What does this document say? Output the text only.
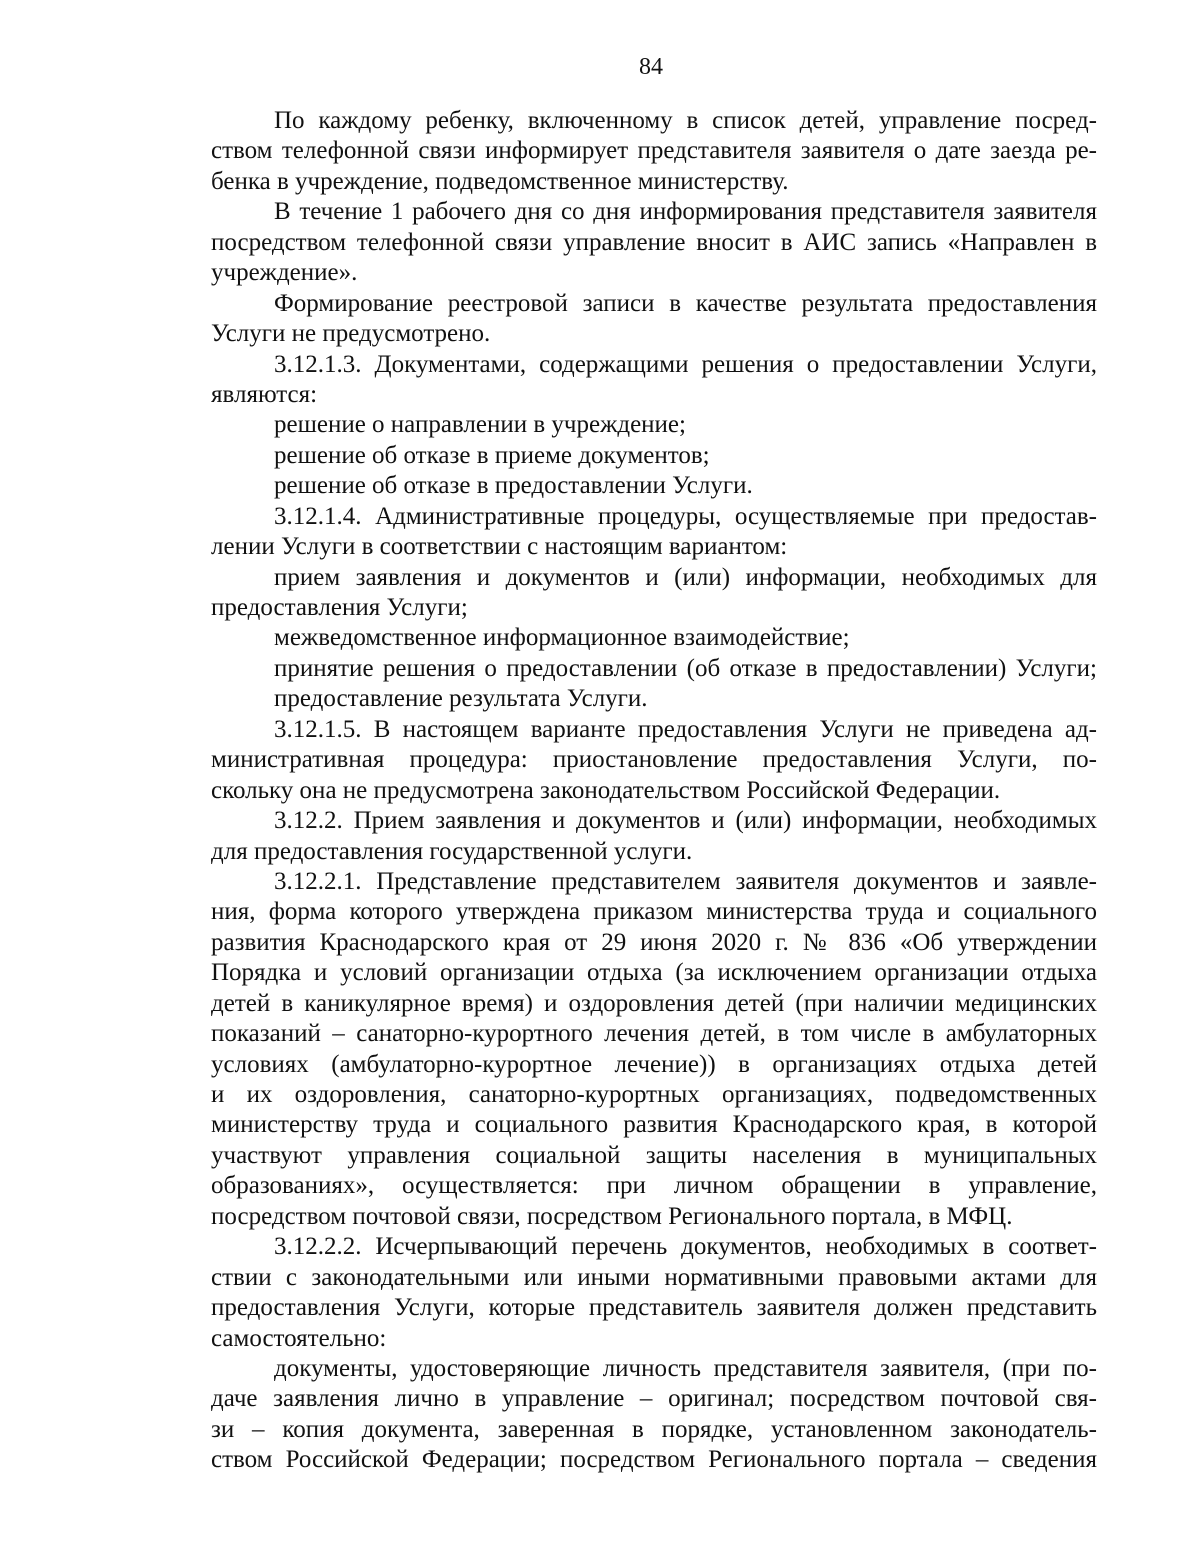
84
По каждому ребенку, включенному в список детей, управление посред-
ством телефонной связи информирует представителя заявителя о дате заезда ре-
бенка в учреждение, подведомственное министерству.
В течение 1 рабочего дня со дня информирования представителя заявителя
посредством телефонной связи управление вносит в АИС запись «Направлен в
учреждение».
Формирование реестровой записи в качестве результата предоставления
Услуги не предусмотрено.
3.12.1.3. Документами, содержащими решения о предоставлении Услуги,
являются:
решение о направлении в учреждение;
решение об отказе в приеме документов;
решение об отказе в предоставлении Услуги.
3.12.1.4. Административные процедуры, осуществляемые при предостав-
лении Услуги в соответствии с настоящим вариантом:
прием заявления и документов и (или) информации, необходимых для
предоставления Услуги;
межведомственное информационное взаимодействие;
принятие решения о предоставлении (об отказе в предоставлении) Услуги;
предоставление результата Услуги.
3.12.1.5. В настоящем варианте предоставления Услуги не приведена ад-
министративная процедура: приостановление предоставления Услуги, по-
скольку она не предусмотрена законодательством Российской Федерации.
3.12.2. Прием заявления и документов и (или) информации, необходимых
для предоставления государственной услуги.
3.12.2.1. Представление представителем заявителя документов и заявле-
ния, форма которого утверждена приказом министерства труда и социального
развития Краснодарского края от 29 июня 2020 г. № 836 «Об утверждении
Порядка и условий организации отдыха (за исключением организации отдыха
детей в каникулярное время) и оздоровления детей (при наличии медицинских
показаний – санаторно-курортного лечения детей, в том числе в амбулаторных
условиях (амбулаторно-курортное лечение)) в организациях отдыха детей
и их оздоровления, санаторно-курортных организациях, подведомственных
министерству труда и социального развития Краснодарского края, в которой
участвуют управления социальной защиты населения в муниципальных
образованиях», осуществляется: при личном обращении в управление,
посредством почтовой связи, посредством Регионального портала, в МФЦ.
3.12.2.2. Исчерпывающий перечень документов, необходимых в соответ-
ствии с законодательными или иными нормативными правовыми актами для
предоставления Услуги, которые представитель заявителя должен представить
самостоятельно:
документы, удостоверяющие личность представителя заявителя, (при по-
даче заявления лично в управление – оригинал; посредством почтовой свя-
зи – копия документа, заверенная в порядке, установленном законодатель-
ством Российской Федерации; посредством Регионального портала – сведения
